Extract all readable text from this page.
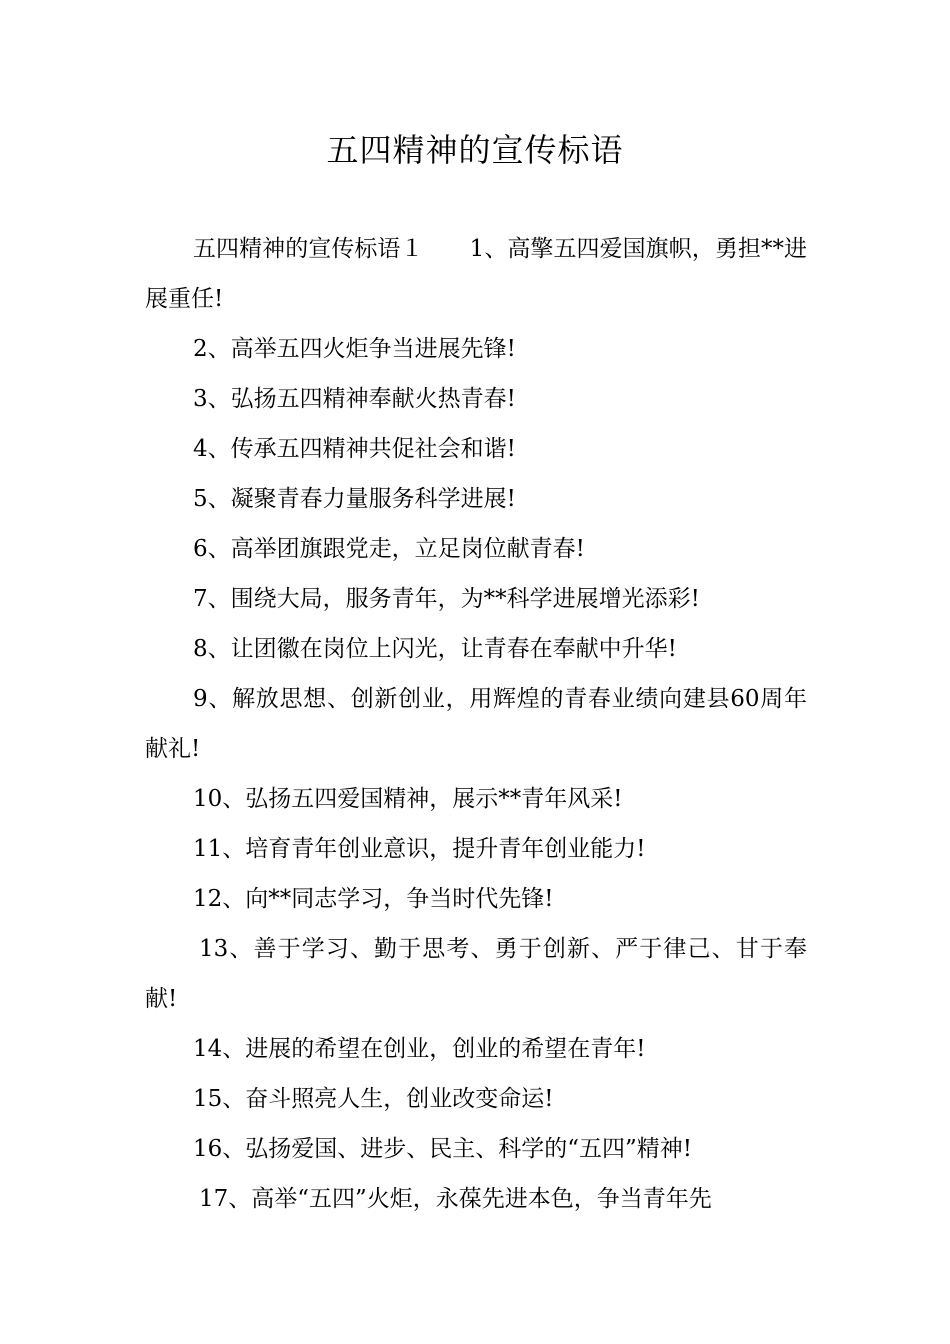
五四精神的宣传标语

五四精神的宣传标语１　　1、高擎五四爱国旗帜，勇担**进展重任!

2、高举五四火炬争当进展先锋!

3、弘扬五四精神奉献火热青春!

4、传承五四精神共促社会和谐!

5、凝聚青春力量服务科学进展!

6、高举团旗跟党走，立足岗位献青春!

7、围绕大局，服务青年，为**科学进展增光添彩!

8、让团徽在岗位上闪光，让青春在奉献中升华!

9、解放思想、创新创业，用辉煌的青春业绩向建县60周年献礼!

10、弘扬五四爱国精神，展示**青年风采!

11、培育青年创业意识，提升青年创业能力!

12、向**同志学习，争当时代先锋!

13、善于学习、勤于思考、勇于创新、严于律己、甘于奉献!

14、进展的希望在创业，创业的希望在青年!

15、奋斗照亮人生，创业改变命运!

16、弘扬爱国、进步、民主、科学的“五四”精神!

17、高举“五四”火炬，永葆先进本色，争当青年先
